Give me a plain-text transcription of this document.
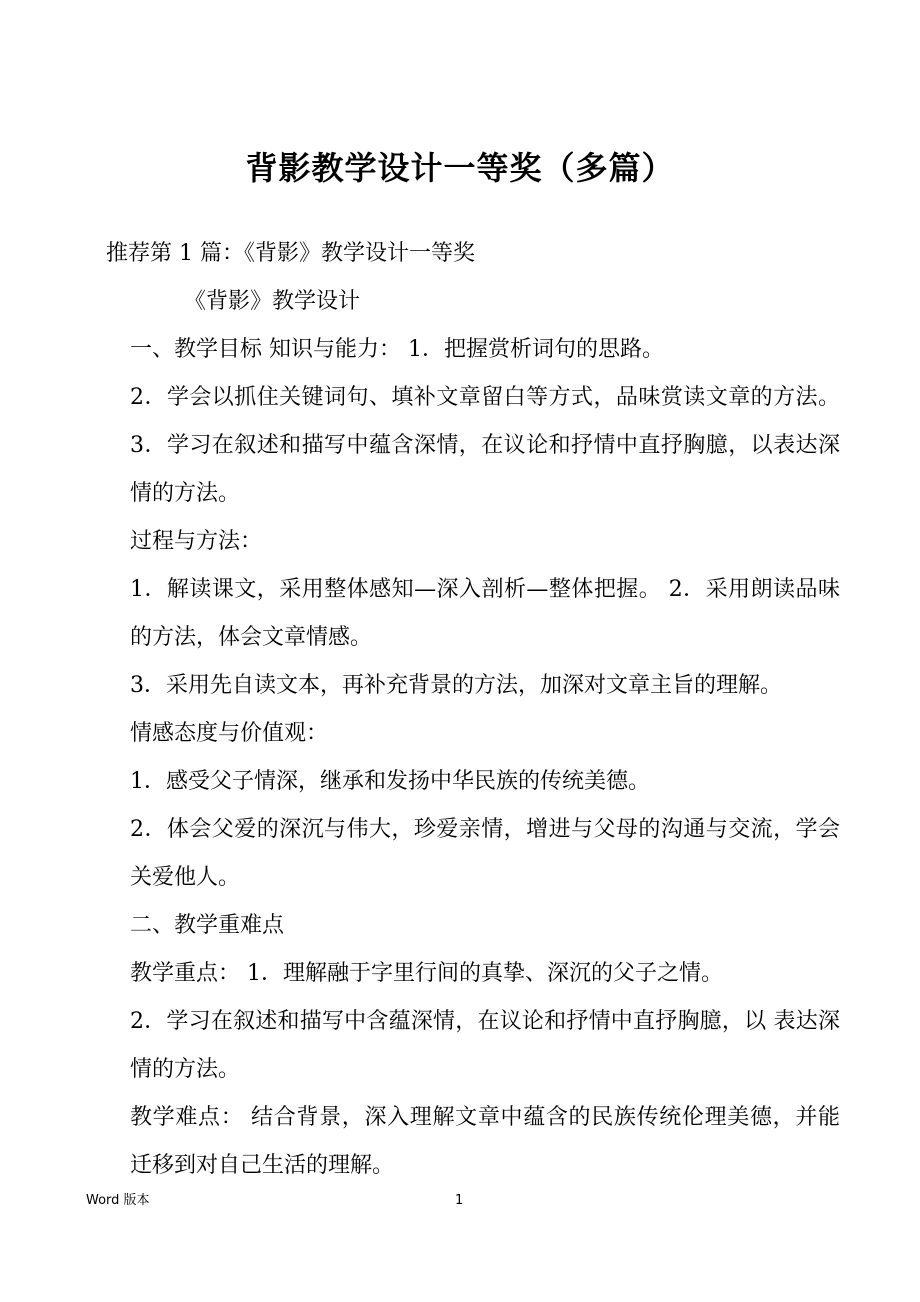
背影教学设计一等奖（多篇）

推荐第 1 篇：《背影》教学设计一等奖

《背影》教学设计

一、教学目标 知识与能力： 1．把握赏析词句的思路。

2．学会以抓住关键词句、填补文章留白等方式，品味赏读文章的方法。3．学习在叙述和描写中蕴含深情，在议论和抒情中直抒胸臆，以表达深情的方法。

过程与方法：

1．解读课文，采用整体感知—深入剖析—整体把握。 2．采用朗读品味的方法，体会文章情感。

3．采用先自读文本，再补充背景的方法，加深对文章主旨的理解。

情感态度与价值观：

1．感受父子情深，继承和发扬中华民族的传统美德。

2．体会父爱的深沉与伟大，珍爱亲情，增进与父母的沟通与交流，学会关爱他人。

二、教学重难点

教学重点： 1．理解融于字里行间的真挚、深沉的父子之情。

2．学习在叙述和描写中含蕴深情，在议论和抒情中直抒胸臆，以 表达深情的方法。

教学难点： 结合背景，深入理解文章中蕴含的民族传统伦理美德，并能迁移到对自己生活的理解。

Word 版本	1
